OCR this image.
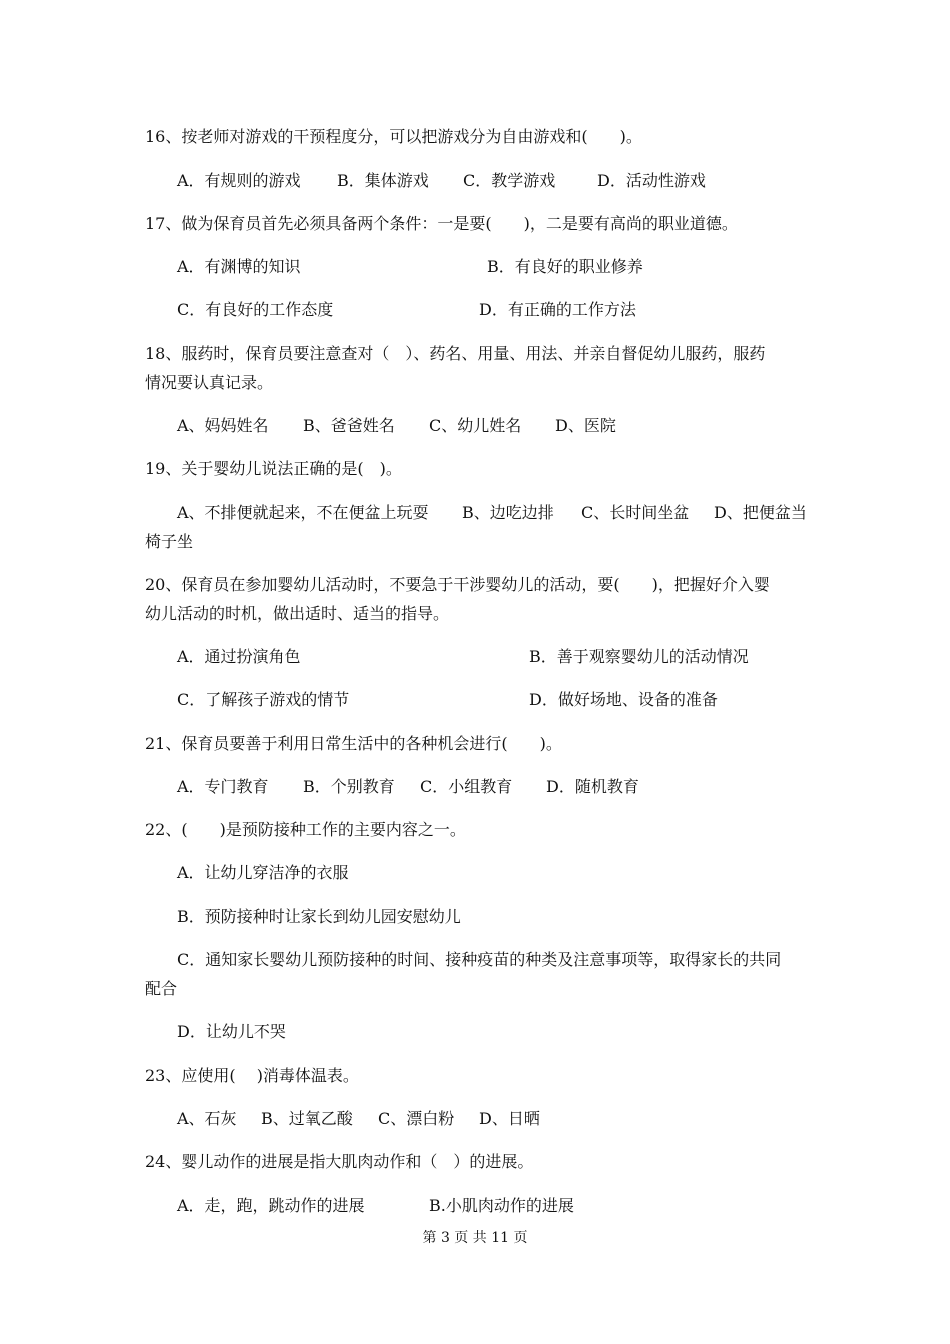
16、按老师对游戏的干预程度分，可以把游戏分为自由游戏和(　　)。
A．有规则的游戏 B．集体游戏 C．教学游戏	D．活动性游戏
17、做为保育员首先必须具备两个条件：一是要(　　)，二是要有高尚的职业道德。
A．有渊博的知识	B．有良好的职业修养
C．有良好的工作态度	D．有正确的工作方法
18、服药时，保育员要注意查对（　）、药名、用量、用法、并亲自督促幼儿服药，服药
情况要认真记录。
A、妈妈姓名 B、爸爸姓名 C、幼儿姓名 D、医院
19、关于婴幼儿说法正确的是(　)。
A、不排便就起来，不在便盆上玩耍 B、边吃边排 C、长时间坐盆 D、把便盆当
椅子坐
20、保育员在参加婴幼儿活动时，不要急于干涉婴幼儿的活动，要(　　)，把握好介入婴
幼儿活动的时机，做出适时、适当的指导。
A．通过扮演角色	B．善于观察婴幼儿的活动情况
C．了解孩子游戏的情节	D．做好场地、设备的准备
21、保育员要善于利用日常生活中的各种机会进行(　　)。
A．专门教育 B．个别教育 C．小组教育 D．随机教育
22、(　　)是预防接种工作的主要内容之一。
A．让幼儿穿洁净的衣服
B．预防接种时让家长到幼儿园安慰幼儿
C．通知家长婴幼儿预防接种的时间、接种疫苗的种类及注意事项等，取得家长的共同
配合
D．让幼儿不哭
23、应使用(　 )消毒体温表。
A、石灰 B、过氧乙酸 C、漂白粉 D、日晒
24、婴儿动作的进展是指大肌肉动作和（　）的进展。
A．走，跑，跳动作的进展	B.小肌肉动作的进展
第 3 页 共 11 页
